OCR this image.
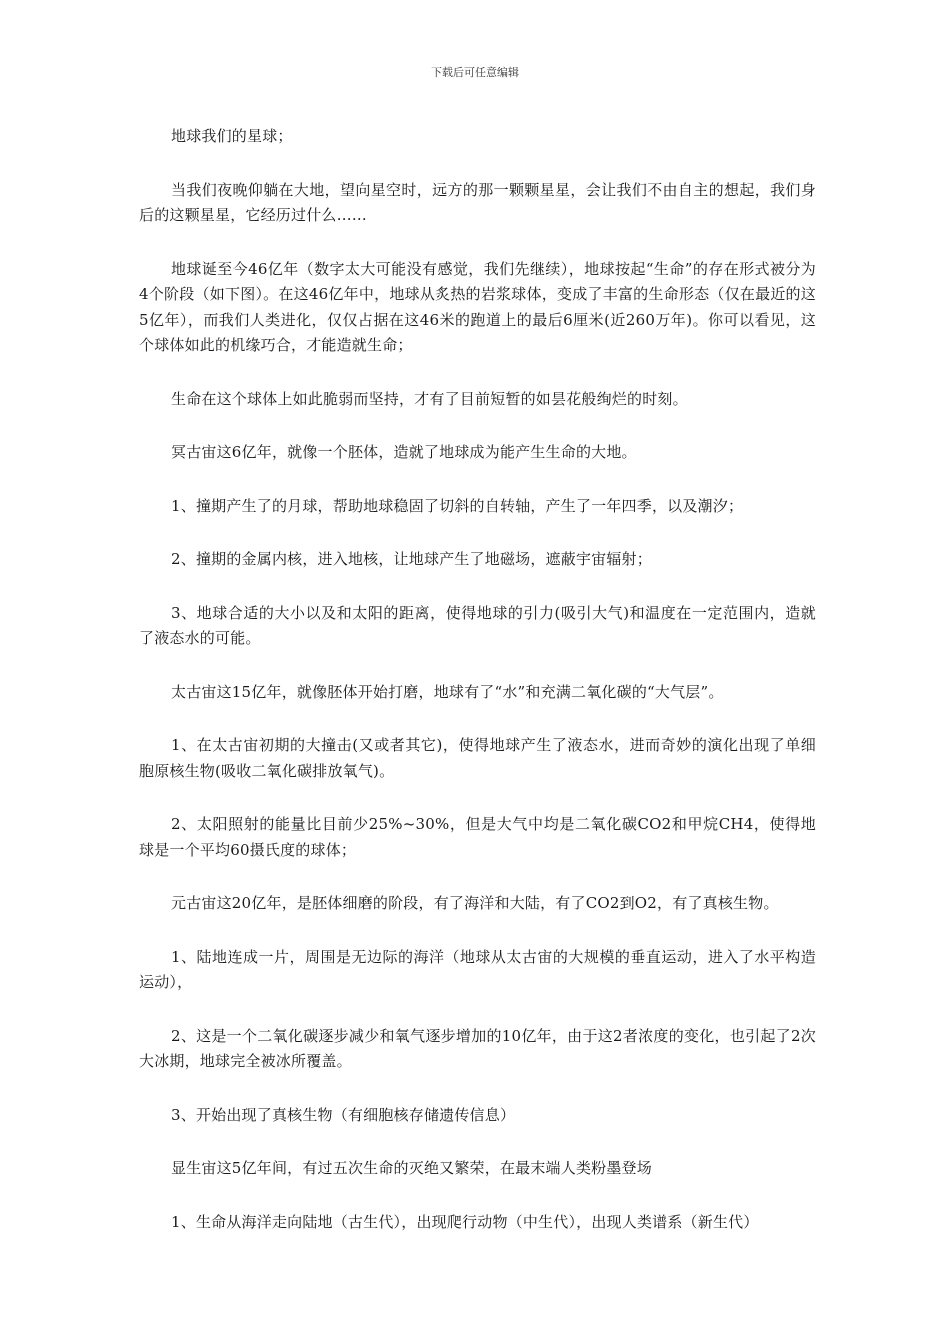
下载后可任意编辑

地球我们的星球；

当我们夜晚仰躺在大地，望向星空时，远方的那一颗颗星星，会让我们不由自主的想起，我们身后的这颗星星，它经历过什么……

地球诞至今46亿年（数字太大可能没有感觉，我们先继续），地球按起“生命”的存在形式被分为4个阶段（如下图）。在这46亿年中，地球从炙热的岩浆球体，变成了丰富的生命形态（仅在最近的这5亿年），而我们人类进化，仅仅占据在这46米的跑道上的最后6厘米(近260万年)。你可以看见，这个球体如此的机缘巧合，才能造就生命；

生命在这个球体上如此脆弱而坚持，才有了目前短暂的如昙花般绚烂的时刻。

冥古宙这6亿年，就像一个胚体，造就了地球成为能产生生命的大地。

1、撞期产生了的月球，帮助地球稳固了切斜的自转轴，产生了一年四季，以及潮汐；

2、撞期的金属内核，进入地核，让地球产生了地磁场，遮蔽宇宙辐射；

3、地球合适的大小以及和太阳的距离，使得地球的引力(吸引大气)和温度在一定范围内，造就了液态水的可能。

太古宙这15亿年，就像胚体开始打磨，地球有了“水”和充满二氧化碳的“大气层”。

1、在太古宙初期的大撞击(又或者其它)，使得地球产生了液态水，进而奇妙的演化出现了单细胞原核生物(吸收二氧化碳排放氧气)。

2、太阳照射的能量比目前少25%~30%，但是大气中均是二氧化碳CO2和甲烷CH4，使得地球是一个平均60摄氏度的球体；

元古宙这20亿年，是胚体细磨的阶段，有了海洋和大陆，有了CO2到O2，有了真核生物。

1、陆地连成一片，周围是无边际的海洋（地球从太古宙的大规模的垂直运动，进入了水平构造运动），

2、这是一个二氧化碳逐步减少和氧气逐步增加的10亿年，由于这2者浓度的变化，也引起了2次大冰期，地球完全被冰所覆盖。

3、开始出现了真核生物（有细胞核存储遗传信息）

显生宙这5亿年间，有过五次生命的灭绝又繁荣，在最末端人类粉墨登场

1、生命从海洋走向陆地（古生代），出现爬行动物（中生代），出现人类谱系（新生代）
